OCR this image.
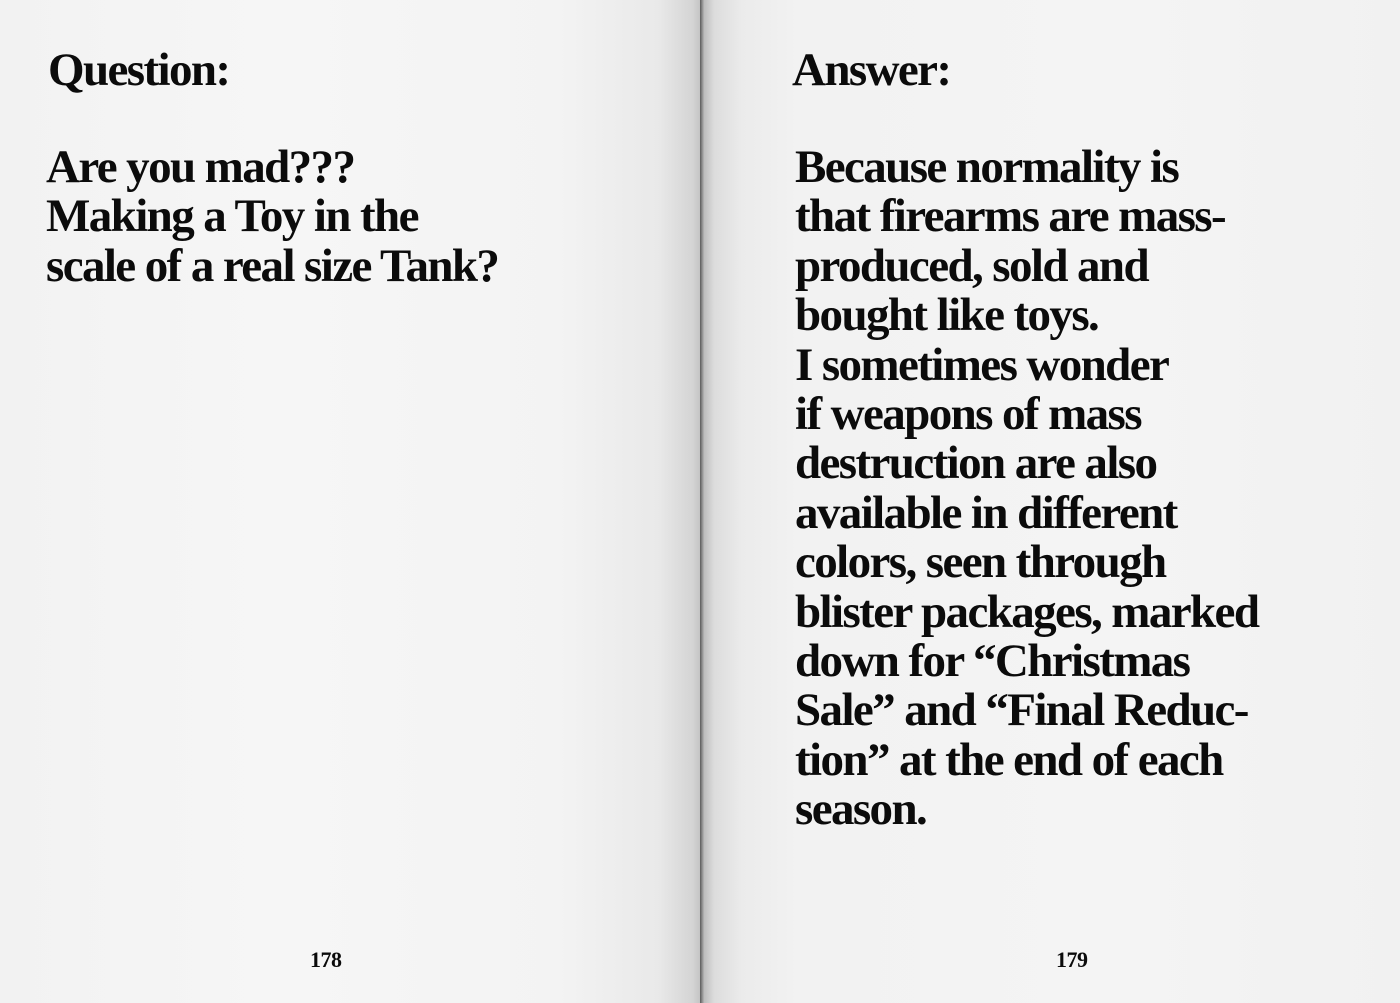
Question:
Are you mad???
Making a Toy in the
scale of a real size Tank?
178
Answer:
Because normality is
that firearms are mass-
produced, sold and
bought like toys.
I sometimes wonder
if weapons of mass
destruction are also
available in different
colors, seen through
blister packages, marked
down for “Christmas
Sale” and “Final Reduc-
tion” at the end of each
season.
179
